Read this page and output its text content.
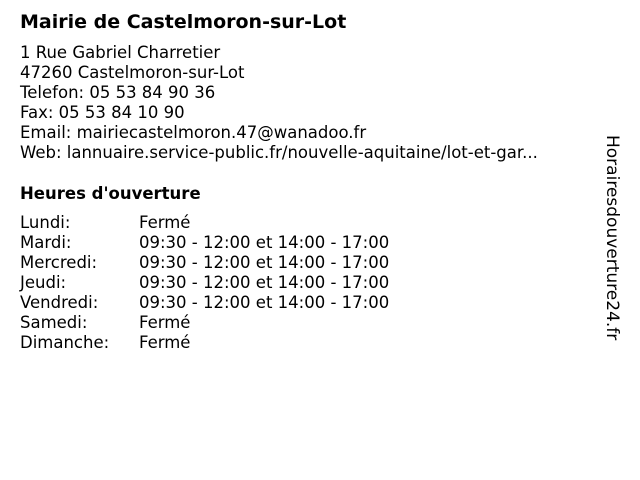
Mairie de Castelmoron-sur-Lot
1 Rue Gabriel Charretier
47260 Castelmoron-sur-Lot
Telefon: 05 53 84 90 36
Fax: 05 53 84 10 90
Email: mairiecastelmoron.47@wanadoo.fr
Web: lannuaire.service-public.fr/nouvelle-aquitaine/lot-et-gar...
Heures d'ouverture
Lundi:	Fermé
Mardi:	09:30 - 12:00 et 14:00 - 17:00
Mercredi:	09:30 - 12:00 et 14:00 - 17:00
Jeudi:	09:30 - 12:00 et 14:00 - 17:00
Vendredi: 09:30 - 12:00 et 14:00 - 17:00
Samedi:	Fermé
Dimanche: Fermé
Horairesdouverture24.fr
